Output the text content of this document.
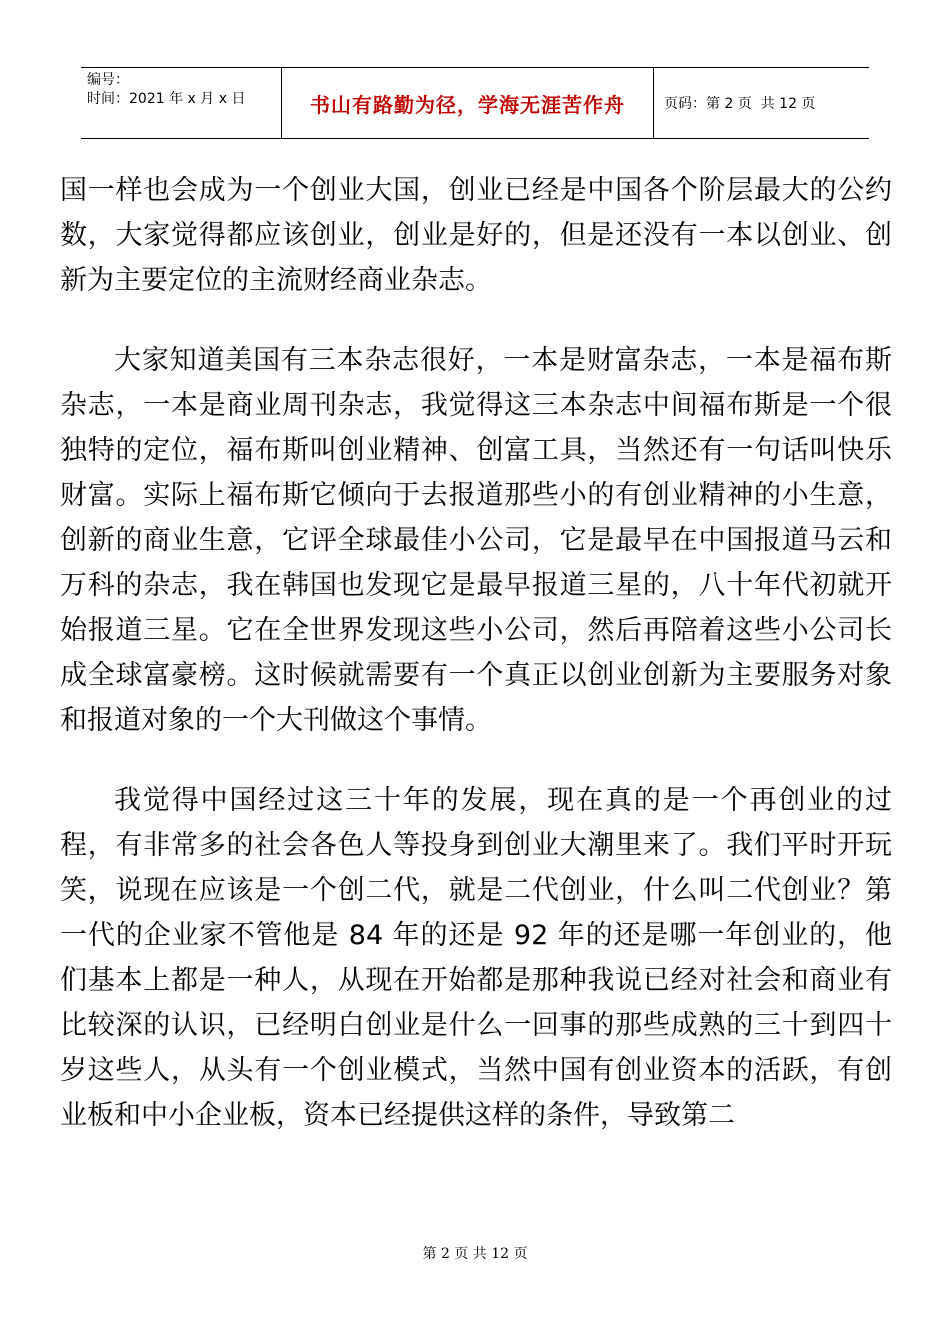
编号：
时间：2021 年 x 月 x 日	书山有路勤为径，学海无涯苦作舟	页码：第 2 页  共 12 页

国一样也会成为一个创业大国，创业已经是中国各个阶层最大的公约数，大家觉得都应该创业，创业是好的，但是还没有一本以创业、创新为主要定位的主流财经商业杂志。

大家知道美国有三本杂志很好，一本是财富杂志，一本是福布斯杂志，一本是商业周刊杂志，我觉得这三本杂志中间福布斯是一个很独特的定位，福布斯叫创业精神、创富工具，当然还有一句话叫快乐财富。实际上福布斯它倾向于去报道那些小的有创业精神的小生意，创新的商业生意，它评全球最佳小公司，它是最早在中国报道马云和万科的杂志，我在韩国也发现它是最早报道三星的，八十年代初就开始报道三星。它在全世界发现这些小公司，然后再陪着这些小公司长成全球富豪榜。这时候就需要有一个真正以创业创新为主要服务对象和报道对象的一个大刊做这个事情。

我觉得中国经过这三十年的发展，现在真的是一个再创业的过程，有非常多的社会各色人等投身到创业大潮里来了。我们平时开玩笑，说现在应该是一个创二代，就是二代创业，什么叫二代创业？第一代的企业家不管他是 84 年的还是 92 年的还是哪一年创业的，他们基本上都是一种人，从现在开始都是那种我说已经对社会和商业有比较深的认识，已经明白创业是什么一回事的那些成熟的三十到四十岁这些人，从头有一个创业模式，当然中国有创业资本的活跃，有创业板和中小企业板，资本已经提供这样的条件，导致第二

第 2 页 共 12 页
